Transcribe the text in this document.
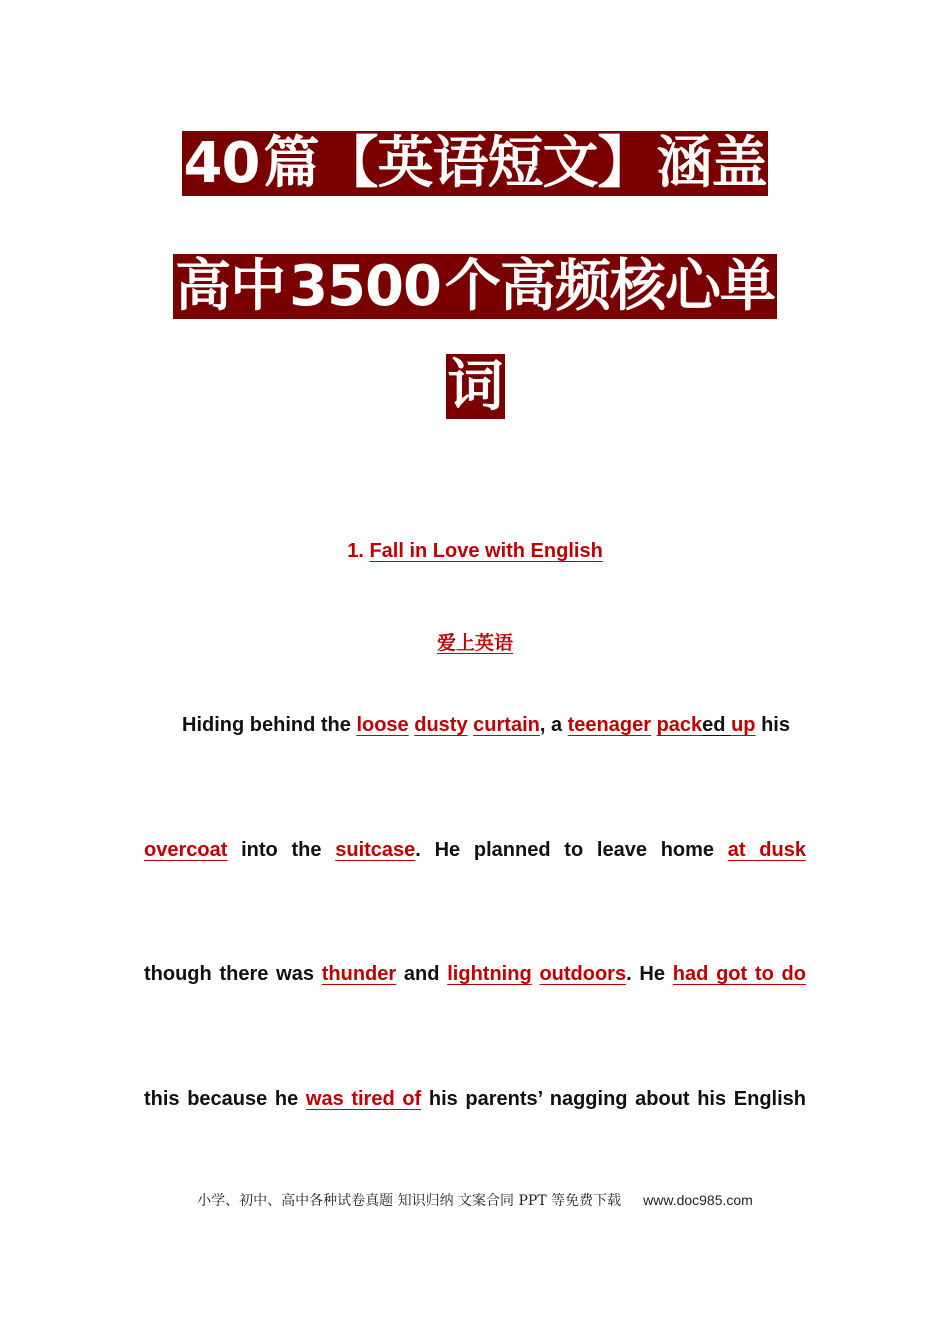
40篇【英语短文】涵盖
高中3500个高频核心单
词
1. Fall in Love with English
爱上英语
Hiding behind the loose dusty curtain, a teenager packed up his
overcoat into the suitcase. He planned to leave home at dusk
though there was thunder and lightning outdoors. He had got to do
this because he was tired of his parents’ nagging about his English
小学、初中、高中各种试卷真题 知识归纳 文案合同 PPT 等免费下载 www.doc985.com
